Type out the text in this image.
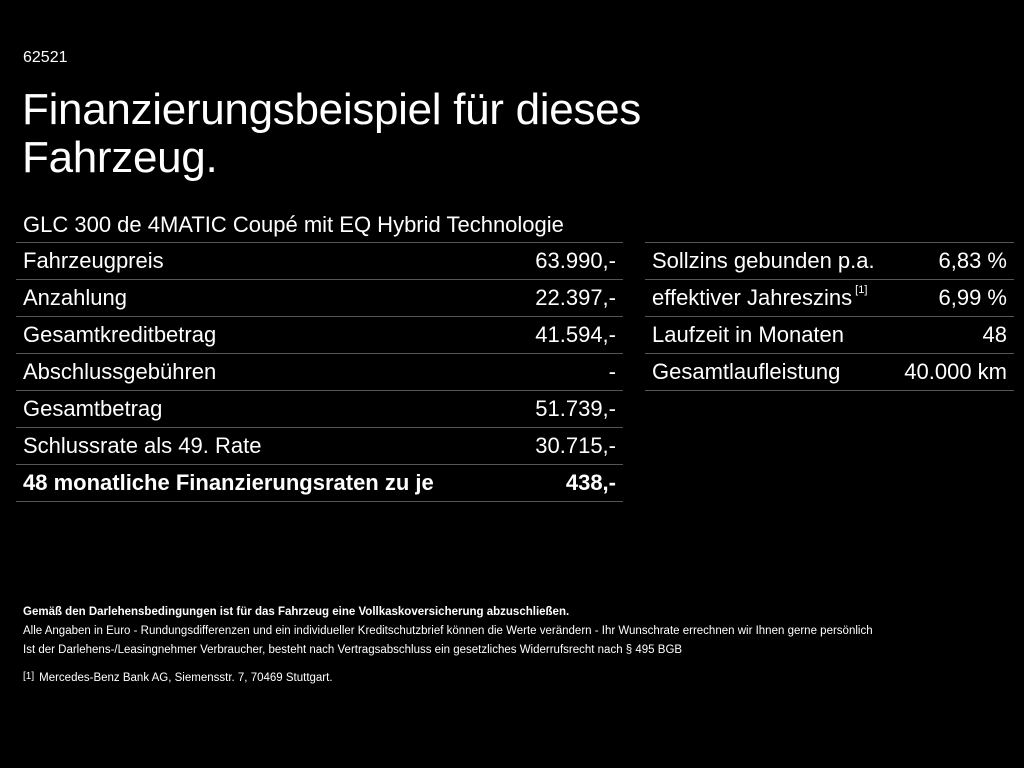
62521
Finanzierungsbeispiel für dieses Fahrzeug.
GLC 300 de 4MATIC Coupé mit EQ Hybrid Technologie
Fahrzeugpreis	63.990,-
Anzahlung	22.397,-
Gesamtkreditbetrag	41.594,-
Abschlussgebühren	-
Gesamtbetrag	51.739,-
Schlussrate als 49. Rate	30.715,-
48 monatliche Finanzierungsraten zu je	438,-
Sollzins gebunden p.a.	6,83 %
effektiver Jahreszins [1]	6,99 %
Laufzeit in Monaten	48
Gesamtlaufleistung	40.000 km

Gemäß den Darlehensbedingungen ist für das Fahrzeug eine Vollkaskoversicherung abzuschließen.

Alle Angaben in Euro - Rundungsdifferenzen und ein individueller Kreditschutzbrief können die Werte verändern - Ihr Wunschrate errechnen wir Ihnen gerne persönlich

Ist der Darlehens-/Leasingnehmer Verbraucher, besteht nach Vertragsabschluss ein gesetzliches Widerrufsrecht nach § 495 BGB

[1] Mercedes-Benz Bank AG, Siemensstr. 7, 70469 Stuttgart.
